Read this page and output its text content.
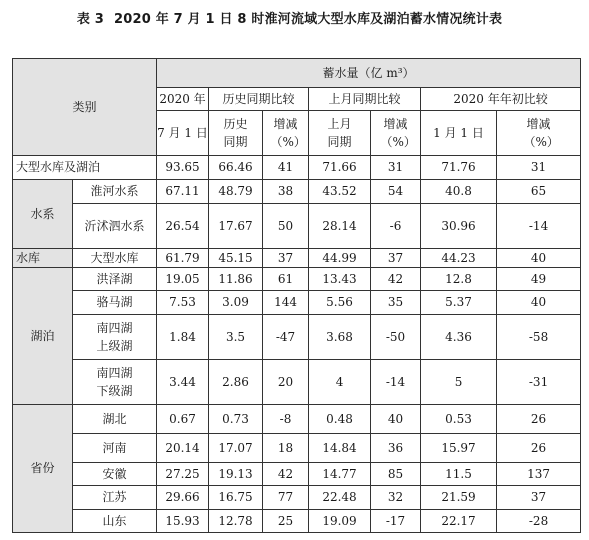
表 3 2020 年 7 月 1 日 8 时淮河流域大型水库及湖泊蓄水情况统计表
类别		蓄水量（亿 m³）						
		2020 年	历史同期比较		上月同期比较		2020 年年初比较	
		7 月 1 日	历史同期	增减（%）	上月同期	增减（%）	1 月 1 日	增减（%）

大型水库及湖泊		93.65	66.46	41	71.66	31	71.76	31
水系	淮河水系	67.11	48.79	38	43.52	54	40.8	65
	沂沭泗水系	26.54	17.67	50	28.14	-6	30.96	-14
水库	大型水库	61.79	45.15	37	44.99	37	44.23	40
湖泊	洪泽湖	19.05	11.86	61	13.43	42	12.8	49
	骆马湖	7.53	3.09	144	5.56	35	5.37	40

	南四湖
上级湖	1.84	3.5	-47	3.68	-50	4.36	-58

	南四湖
下级湖	3.44	2.86	20	4	-14	5	-31
省份	湖北	0.67	0.73	-8	0.48	40	0.53	26
	河南	20.14	17.07	18	14.84	36	15.97	26
	安徽	27.25	19.13	42	14.77	85	11.5	137
	江苏	29.66	16.75	77	22.48	32	21.59	37
	山东	15.93	12.78	25	19.09	-17	22.17	-28
